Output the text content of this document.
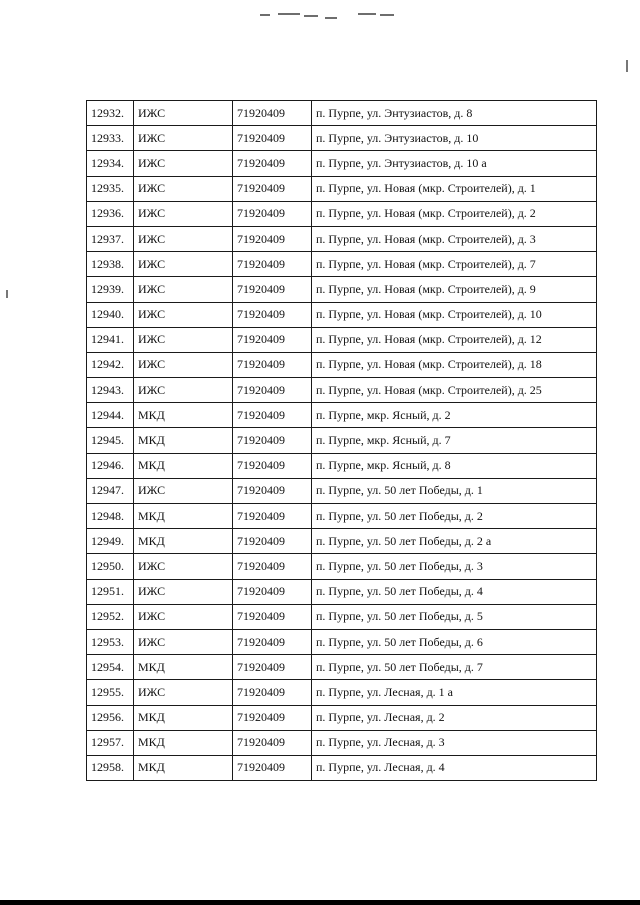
12932.	ИЖС	71920409	п. Пурпе, ул. Энтузиастов, д. 8
12933.	ИЖС	71920409	п. Пурпе, ул. Энтузиастов, д. 10
12934.	ИЖС	71920409	п. Пурпе, ул. Энтузиастов, д. 10 а
12935.	ИЖС	71920409	п. Пурпе, ул. Новая (мкр. Строителей), д. 1
12936.	ИЖС	71920409	п. Пурпе, ул. Новая (мкр. Строителей), д. 2
12937.	ИЖС	71920409	п. Пурпе, ул. Новая (мкр. Строителей), д. 3
12938.	ИЖС	71920409	п. Пурпе, ул. Новая (мкр. Строителей), д. 7
12939.	ИЖС	71920409	п. Пурпе, ул. Новая (мкр. Строителей), д. 9
12940.	ИЖС	71920409	п. Пурпе, ул. Новая (мкр. Строителей), д. 10
12941.	ИЖС	71920409	п. Пурпе, ул. Новая (мкр. Строителей), д. 12
12942.	ИЖС	71920409	п. Пурпе, ул. Новая (мкр. Строителей), д. 18
12943.	ИЖС	71920409	п. Пурпе, ул. Новая (мкр. Строителей), д. 25
12944.	МКД	71920409	п. Пурпе, мкр. Ясный, д. 2
12945.	МКД	71920409	п. Пурпе, мкр. Ясный, д. 7
12946.	МКД	71920409	п. Пурпе, мкр. Ясный, д. 8
12947.	ИЖС	71920409	п. Пурпе, ул. 50 лет Победы, д. 1
12948.	МКД	71920409	п. Пурпе, ул. 50 лет Победы, д. 2
12949.	МКД	71920409	п. Пурпе, ул. 50 лет Победы, д. 2 а
12950.	ИЖС	71920409	п. Пурпе, ул. 50 лет Победы, д. 3
12951.	ИЖС	71920409	п. Пурпе, ул. 50 лет Победы, д. 4
12952.	ИЖС	71920409	п. Пурпе, ул. 50 лет Победы, д. 5
12953.	ИЖС	71920409	п. Пурпе, ул. 50 лет Победы, д. 6
12954.	МКД	71920409	п. Пурпе, ул. 50 лет Победы, д. 7
12955.	ИЖС	71920409	п. Пурпе, ул. Лесная, д. 1 а
12956.	МКД	71920409	п. Пурпе, ул. Лесная, д. 2
12957.	МКД	71920409	п. Пурпе, ул. Лесная, д. 3
12958.	МКД	71920409	п. Пурпе, ул. Лесная, д. 4
